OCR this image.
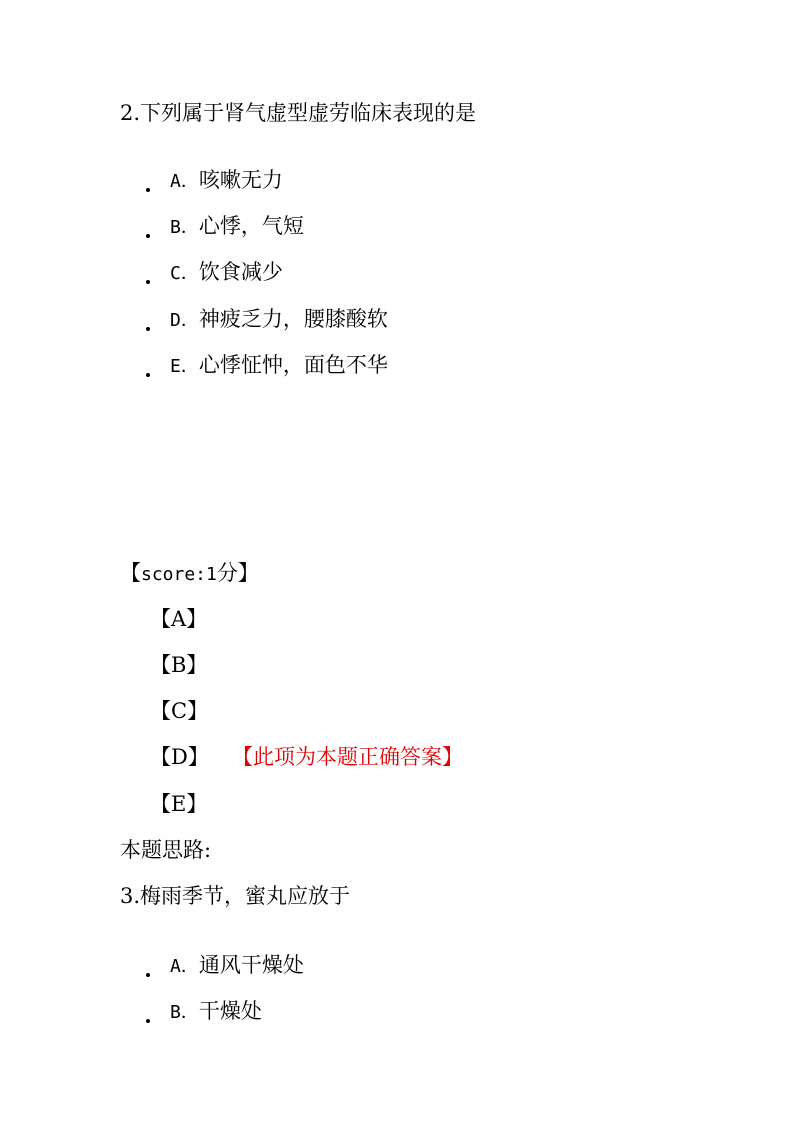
2.下列属于肾气虚型虚劳临床表现的是
A．咳嗽无力
B．心悸，气短
C．饮食减少
D．神疲乏力，腰膝酸软
E．心悸怔忡，面色不华
【score:1分】
【A】
【B】
【C】
【D】 【此项为本题正确答案】
【E】
本题思路:
3.梅雨季节，蜜丸应放于
A．通风干燥处
B．干燥处
